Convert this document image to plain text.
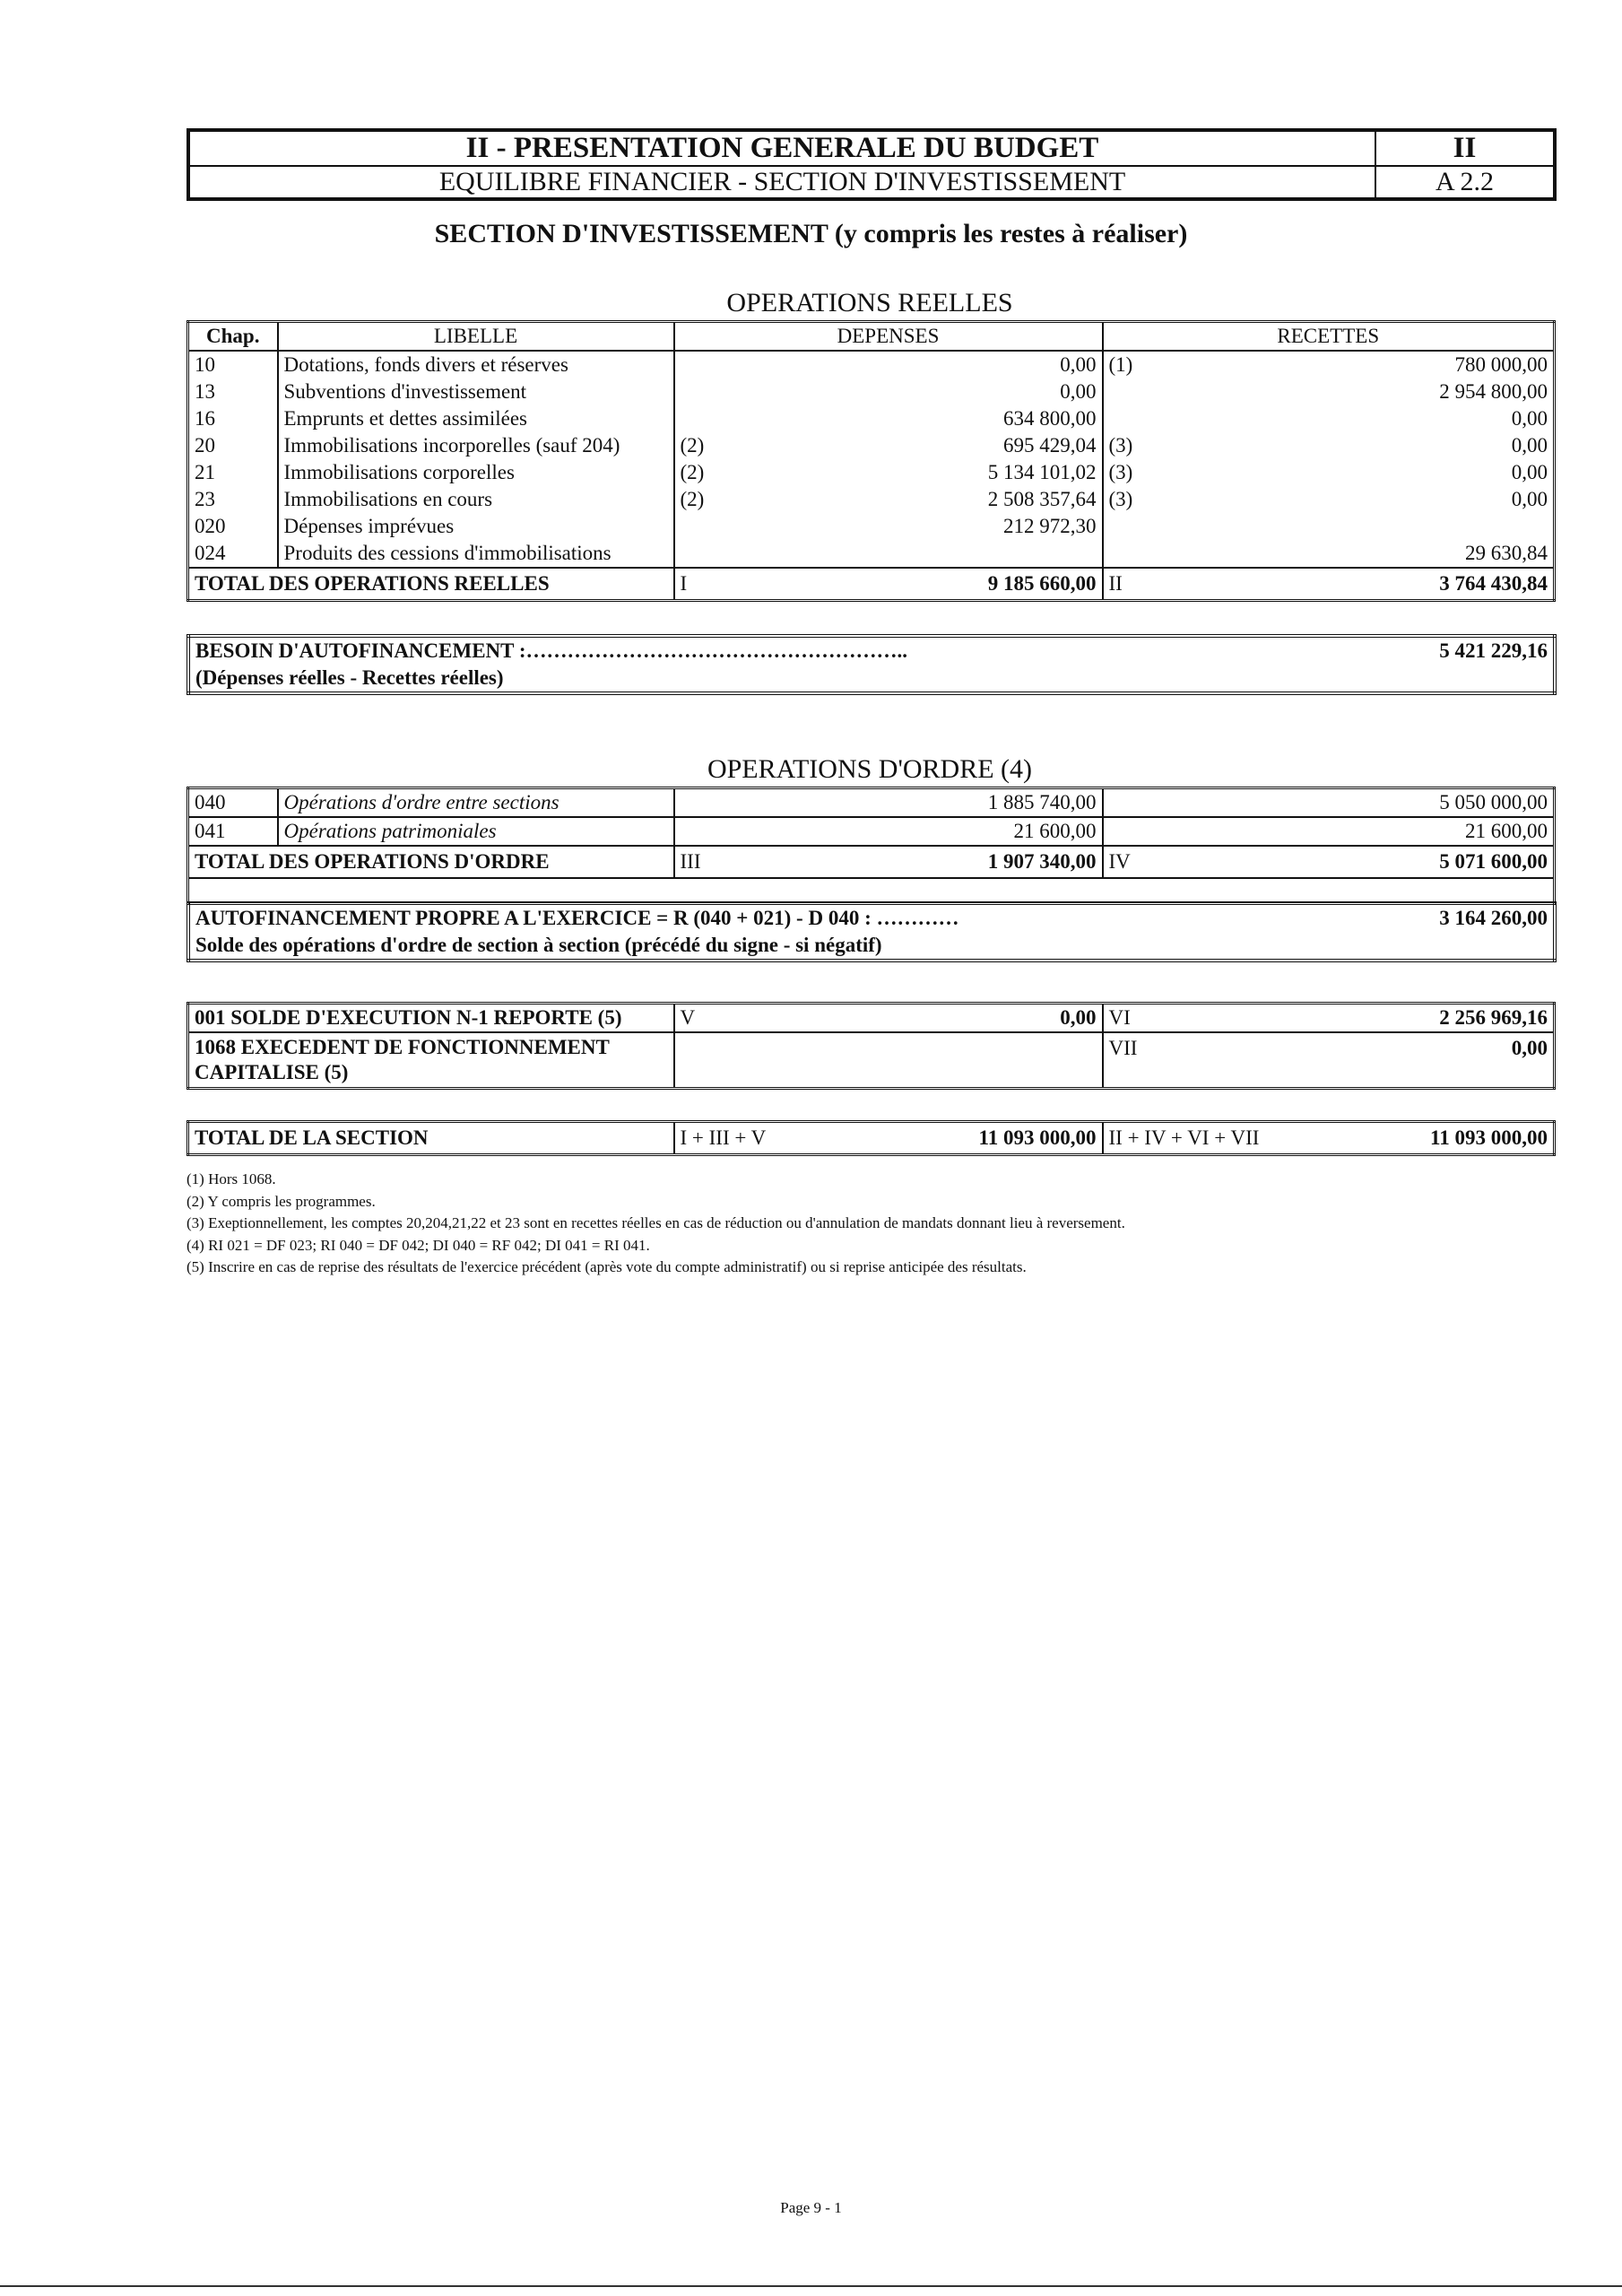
II - PRESENTATION GENERALE DU BUDGET	II
EQUILIBRE FINANCIER - SECTION D'INVESTISSEMENT	A 2.2
SECTION D'INVESTISSEMENT (y compris les restes à réaliser)
OPERATIONS REELLES
Chap.	LIBELLE	DEPENSES		RECETTES	
10	Dotations, fonds divers et réserves		0,00	(1)	780 000,00
13	Subventions d'investissement		0,00		2 954 800,00
16	Emprunts et dettes assimilées		634 800,00		0,00
20	Immobilisations incorporelles (sauf 204)	(2)	695 429,04	(3)	0,00
21	Immobilisations corporelles	(2)	5 134 101,02	(3)	0,00
23	Immobilisations en cours	(2)	2 508 357,64	(3)	0,00
020	Dépenses imprévues		212 972,30		
024	Produits des cessions d'immobilisations				29 630,84
TOTAL DES OPERATIONS REELLES		I	9 185 660,00	II	3 764 430,84
BESOIN D'AUTOFINANCEMENT :………………………………………………..	5 421 229,16
(Dépenses réelles - Recettes réelles)	
OPERATIONS D'ORDRE (4)
040	Opérations d'ordre entre sections	1 885 740,00		5 050 000,00	
041	Opérations patrimoniales	21 600,00		21 600,00	
TOTAL DES OPERATIONS D'ORDRE		III	1 907 340,00	IV	5 071 600,00

AUTOFINANCEMENT PROPRE A L'EXERCICE = R (040 + 021) - D 040 : …………	3 164 260,00
Solde des opérations d'ordre de section à section (précédé du signe - si négatif)	
001 SOLDE D'EXECUTION N-1 REPORTE (5)	V	0,00	VI	2 256 969,16
1068 EXECEDENT DE FONCTIONNEMENT
CAPITALISE (5)			VII	0,00
TOTAL DE LA SECTION	I + III + V	11 093 000,00	II + IV + VI + VII	11 093 000,00
(1) Hors 1068.
(2) Y compris les programmes.
(3) Exeptionnellement, les comptes 20,204,21,22 et 23 sont en recettes réelles en cas de réduction ou d'annulation de mandats donnant lieu à reversement.
(4) RI 021 = DF 023; RI 040 = DF 042; DI 040 = RF 042; DI 041 = RI 041.
(5) Inscrire en cas de reprise des résultats de l'exercice précédent (après vote du compte administratif) ou si reprise anticipée des résultats.
Page 9 - 1
